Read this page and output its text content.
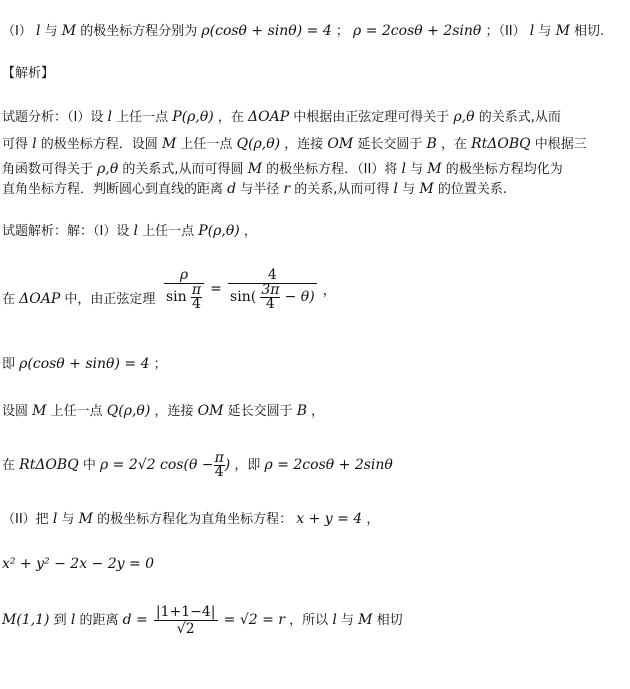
（I） l 与 M 的极坐标方程分别为 ρ(cosθ + sinθ) = 4 ； ρ = 2cosθ + 2sinθ ；（II） l 与 M 相切.
【解析】
试题分析：（I）设 l 上任一点 P(ρ,θ) ，在 ΔOAP 中根据由正弦定理可得关于 ρ,θ 的关系式,从而
可得 l 的极坐标方程．设圆 M 上任一点 Q(ρ,θ) ，连接 OM 延长交圆于 B ，在 RtΔOBQ 中根据三
角函数可得关于 ρ,θ 的关系式,从而可得圆 M 的极坐标方程．（II）将 l 与 M 的极坐标方程均化为
直角坐标方程．判断圆心到直线的距离 d 与半径 r 的关系,从而可得 l 与 M 的位置关系.
试题解析：解：（I）设 l 上任一点 P(ρ,θ) ，
在 ΔOAP 中，由正弦定理 $\frac{\rho}{\sin \frac{\pi}{4}} = \frac{4}{\sin( \frac{3\pi}{4} - \theta)}$ ，
即 ρ(cosθ + sinθ) = 4 ；
设圆 M 上任一点 Q(ρ,θ) ，连接 OM 延长交圆于 B ，
在 RtΔOBQ 中 ρ = 2√2 $\cos(\theta - \frac{\pi}{4}$ ) ，即 ρ = 2cosθ + 2sinθ
（II）把 l 与 M 的极坐标方程化为直角坐标方程： x + y = 4 ，
x² + y² − 2x − 2y = 0
M(1,1) 到 l 的距离 $d = \frac{|1+1-4|}{√2} = √2 = r$ ，所以 l 与 M 相切
